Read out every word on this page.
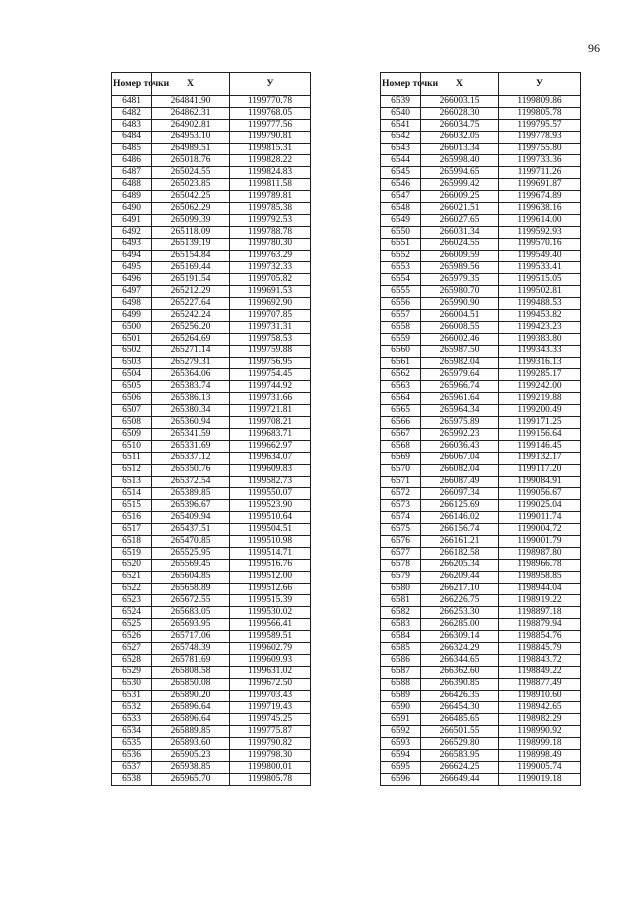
96
Номер точки	X	У
6481	264841.90	1199770.78
6482	264862.31	1199768.05
6483	264902.81	1199777.56
6484	264953.10	1199790.81
6485	264989.51	1199815.31
6486	265018.76	1199828.22
6487	265024.55	1199824.83
6488	265023.85	1199811.58
6489	265042.25	1199789.81
6490	265062.29	1199785.38
6491	265099.39	1199792.53
6492	265118.09	1199788.78
6493	265139.19	1199780.30
6494	265154.84	1199763.29
6495	265169.44	1199732.33
6496	265191.54	1199705.82
6497	265212.29	1199691.53
6498	265227.64	1199692.90
6499	265242.24	1199707.85
6500	265256.20	1199731.31
6501	265264.69	1199758.53
6502	265271.14	1199759.88
6503	265279.31	1199756.95
6504	265364.06	1199754.45
6505	265383.74	1199744.92
6506	265386.13	1199731.66
6507	265380.34	1199721.81
6508	265360.94	1199708.21
6509	265341.59	1199683.71
6510	265331.69	1199662.97
6511	265337.12	1199634.07
6512	265350.76	1199609.83
6513	265372.54	1199582.73
6514	265389.85	1199550.07
6515	265396.67	1199523.90
6516	265409.94	1199510.64
6517	265437.51	1199504.51
6518	265470.85	1199510.98
6519	265525.95	1199514.71
6520	265569.45	1199516.76
6521	265604.85	1199512.00
6522	265658.89	1199512.66
6523	265672.55	1199515.39
6524	265683.05	1199530.02
6525	265693.95	1199566.41
6526	265717.06	1199589.51
6527	265748.39	1199602.79
6528	265781.69	1199609.93
6529	265808.58	1199631.02
6530	265850.08	1199672.50
6531	265890.20	1199703.43
6532	265896.64	1199719.43
6533	265896.64	1199745.25
6534	265889.85	1199775.87
6535	265893.60	1199790.82
6536	265905.23	1199798.30
6537	265938.85	1199800.01
6538	265965.70	1199805.78
Номер точки	X	У
6539	266003.15	1199809.86
6540	266028.30	1199805.78
6541	266034.75	1199795.57
6542	266032.05	1199778.93
6543	266013.34	1199755.80
6544	265998.40	1199733.36
6545	265994.65	1199711.26
6546	265999.42	1199691.87
6547	266009.25	1199674.89
6548	266021.51	1199638.16
6549	266027.65	1199614.00
6550	266031.34	1199592.93
6551	266024.55	1199570.16
6552	266009.59	1199549.40
6553	265989.56	1199533.41
6554	265979.35	1199515.05
6555	265980.70	1199502.81
6556	265990.90	1199488.53
6557	266004.51	1199453.82
6558	266008.55	1199423.23
6559	266002.46	1199383.80
6560	265987.50	1199343.33
6561	265982.04	1199316.13
6562	265979.64	1199285.17
6563	265966.74	1199242.00
6564	265961.64	1199219.88
6565	265964.34	1199200.49
6566	265975.89	1199171.25
6567	265992.23	1199156.64
6568	266036.43	1199146.45
6569	266067.04	1199132.17
6570	266082.04	1199117.20
6571	266087.49	1199084.91
6572	266097.34	1199056.67
6573	266125.69	1199025.04
6574	266146.02	1199011.74
6575	266156.74	1199004.72
6576	266161.21	1199001.79
6577	266182.58	1198987.80
6578	266205.34	1198966.78
6579	266209.44	1198958.85
6580	266217.10	1198944.04
6581	266226.75	1198919.22
6582	266253.30	1198897.18
6583	266285.00	1198879.94
6584	266309.14	1198854.76
6585	266324.29	1198845.79
6586	266344.65	1198843.72
6587	266362.60	1198849.22
6588	266390.85	1198877.49
6589	266426.35	1198910.60
6590	266454.30	1198942.65
6591	266485.65	1198982.29
6592	266501.55	1198990.92
6593	266529.80	1198999.18
6594	266583.95	1198998.49
6595	266624.25	1199005.74
6596	266649.44	1199019.18
